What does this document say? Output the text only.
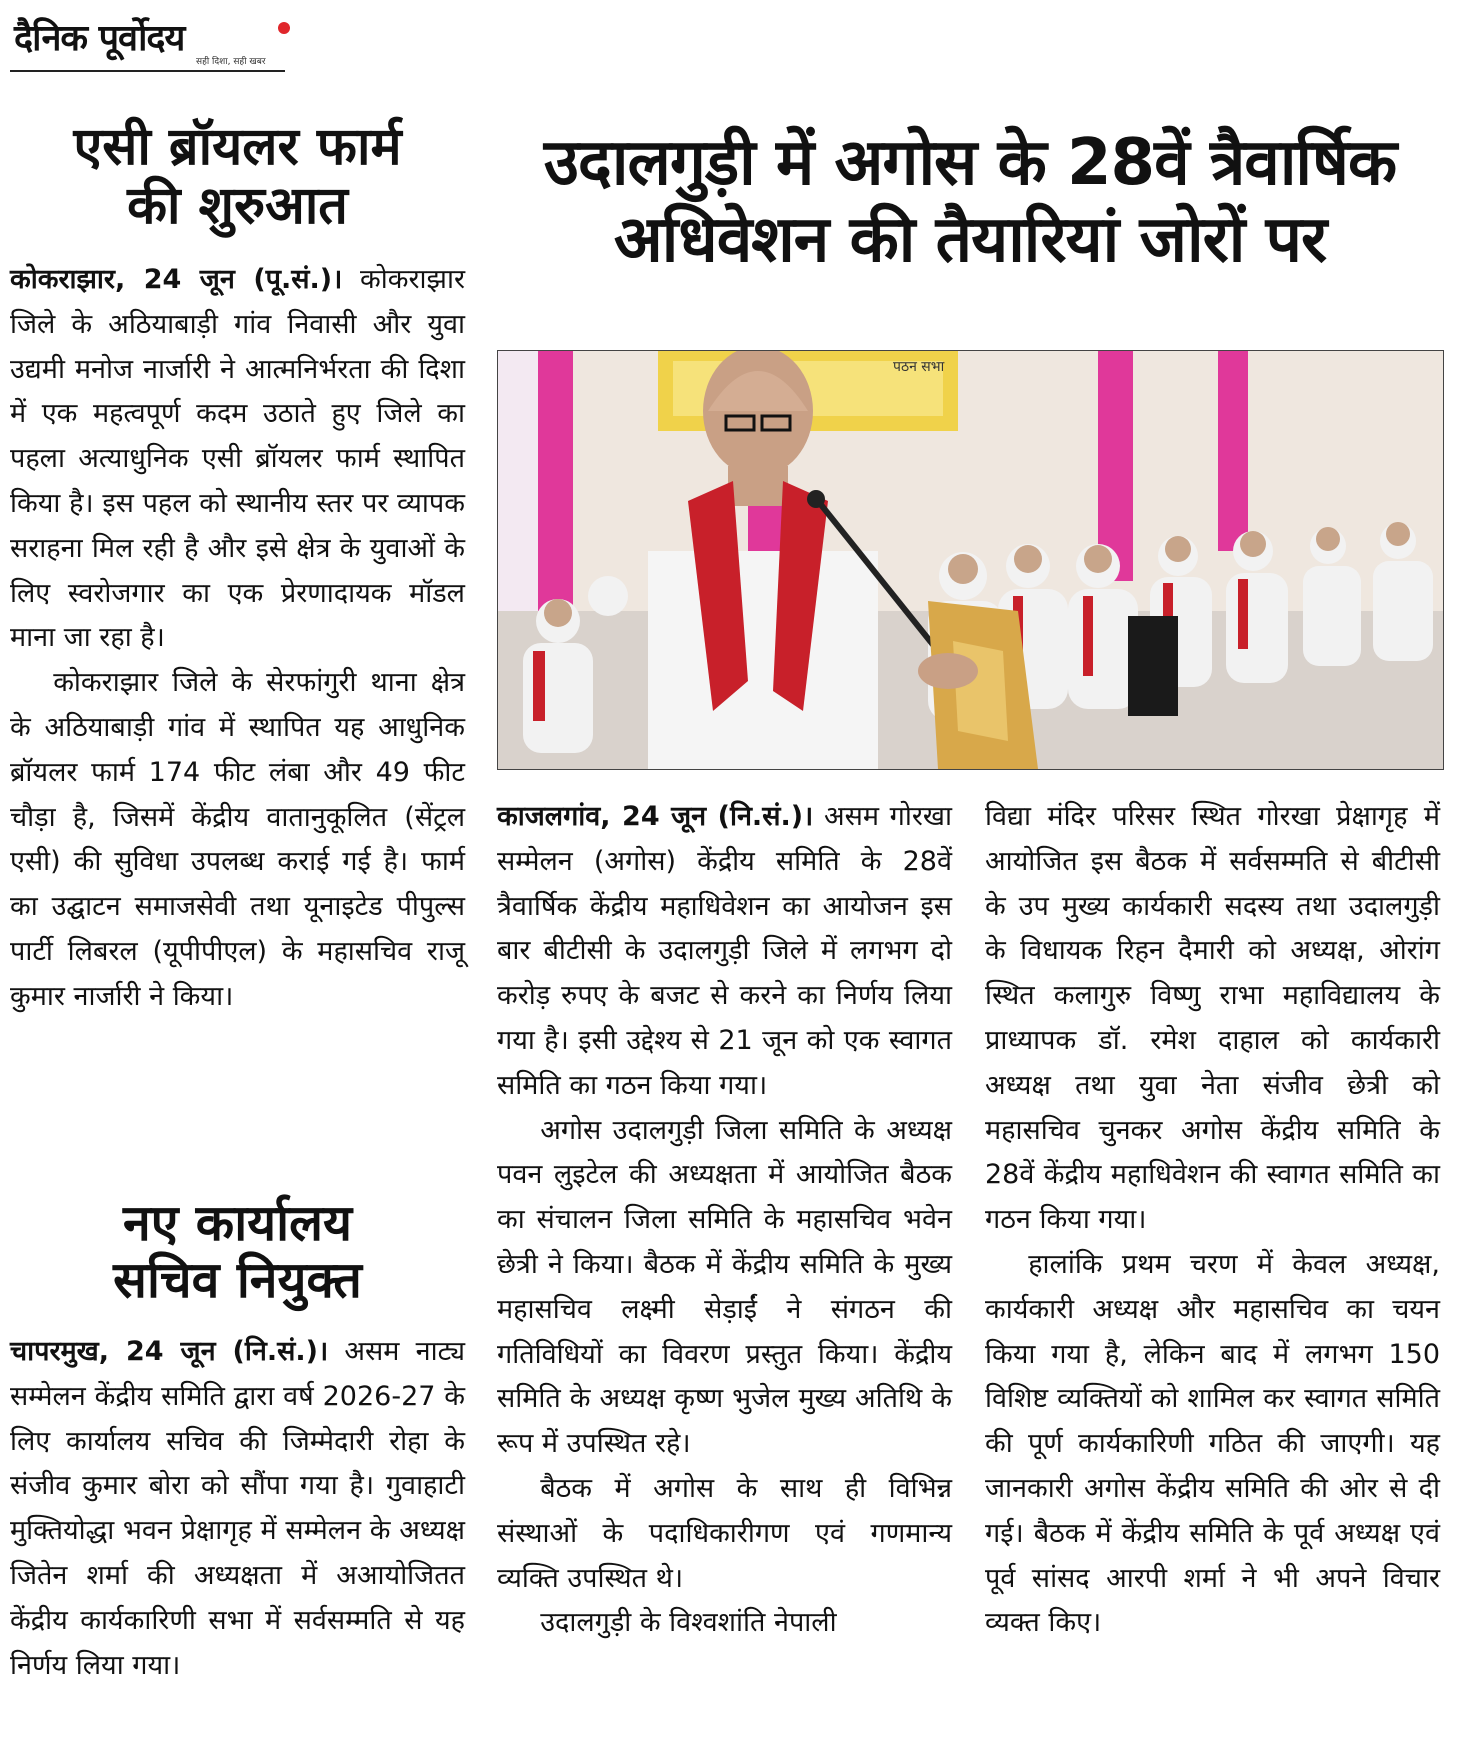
दैनिक पूर्वोदय
सही दिशा, सही खबर
एसी ब्रॉयलर फार्म
की शुरुआत

कोकराझार, 24 जून (पू.सं.)। कोकराझार जिले के अठियाबाड़ी गांव निवासी और युवा उद्यमी मनोज नार्जारी ने आत्मनिर्भरता की दिशा में एक महत्वपूर्ण कदम उठाते हुए जिले का पहला अत्याधुनिक एसी ब्रॉयलर फार्म स्थापित किया है। इस पहल को स्थानीय स्तर पर व्यापक सराहना मिल रही है और इसे क्षेत्र के युवाओं के लिए स्वरोजगार का एक प्रेरणादायक मॉडल माना जा रहा है।

कोकराझार जिले के सेरफांगुरी थाना क्षेत्र के अठियाबाड़ी गांव में स्थापित यह आधुनिक ब्रॉयलर फार्म 174 फीट लंबा और 49 फीट चौड़ा है, जिसमें केंद्रीय वातानुकूलित (सेंट्रल एसी) की सुविधा उपलब्ध कराई गई है। फार्म का उद्घाटन समाजसेवी तथा यूनाइटेड पीपुल्स पार्टी लिबरल (यूपीपीएल) के महासचिव राजू कुमार नार्जारी ने किया।

नए कार्यालय
सचिव नियुक्त

चापरमुख, 24 जून (नि.सं.)। असम नाट्य सम्मेलन केंद्रीय समिति द्वारा वर्ष 2026-27 के लिए कार्यालय सचिव की जिम्मेदारी रोहा के संजीव कुमार बोरा को सौंपा गया है। गुवाहाटी मुक्तियोद्धा भवन प्रेक्षागृह में सम्मेलन के अध्यक्ष जितेन शर्मा की अध्यक्षता में अआयोजितत केंद्रीय कार्यकारिणी सभा में सर्वसम्मति से यह निर्णय लिया गया।

उदालगुड़ी में अगोस के 28वें त्रैवार्षिक
अधिवेशन की तैयारियां जोरों पर
पठन सभा

काजलगांव, 24 जून (नि.सं.)। असम गोरखा सम्मेलन (अगोस) केंद्रीय समिति के 28वें त्रैवार्षिक केंद्रीय महाधिवेशन का आयोजन इस बार बीटीसी के उदालगुड़ी जिले में लगभग दो करोड़ रुपए के बजट से करने का निर्णय लिया गया है। इसी उद्देश्य से 21 जून को एक स्वागत समिति का गठन किया गया।

अगोस उदालगुड़ी जिला समिति के अध्यक्ष पवन लुइटेल की अध्यक्षता में आयोजित बैठक का संचालन जिला समिति के महासचिव भवेन छेत्री ने किया। बैठक में केंद्रीय समिति के मुख्य महासचिव लक्ष्मी सेड़ाईं ने संगठन की गतिविधियों का विवरण प्रस्तुत किया। केंद्रीय समिति के अध्यक्ष कृष्ण भुजेल मुख्य अतिथि के रूप में उपस्थित रहे।

बैठक में अगोस के साथ ही विभिन्न संस्थाओं के पदाधिकारीगण एवं गणमान्य व्यक्ति उपस्थित थे।

उदालगुड़ी के विश्वशांति नेपाली

विद्या मंदिर परिसर स्थित गोरखा प्रेक्षागृह में आयोजित इस बैठक में सर्वसम्मति से बीटीसी के उप मुख्य कार्यकारी सदस्य तथा उदालगुड़ी के विधायक रिहन दैमारी को अध्यक्ष, ओरांग स्थित कलागुरु विष्णु राभा महाविद्यालय के प्राध्यापक डॉ. रमेश दाहाल को कार्यकारी अध्यक्ष तथा युवा नेता संजीव छेत्री को महासचिव चुनकर अगोस केंद्रीय समिति के 28वें केंद्रीय महाधिवेशन की स्वागत समिति का गठन किया गया।

हालांकि प्रथम चरण में केवल अध्यक्ष, कार्यकारी अध्यक्ष और महासचिव का चयन किया गया है, लेकिन बाद में लगभग 150 विशिष्ट व्यक्तियों को शामिल कर स्वागत समिति की पूर्ण कार्यकारिणी गठित की जाएगी। यह जानकारी अगोस केंद्रीय समिति की ओर से दी गई। बैठक में केंद्रीय समिति के पूर्व अध्यक्ष एवं पूर्व सांसद आरपी शर्मा ने भी अपने विचार व्यक्त किए।
